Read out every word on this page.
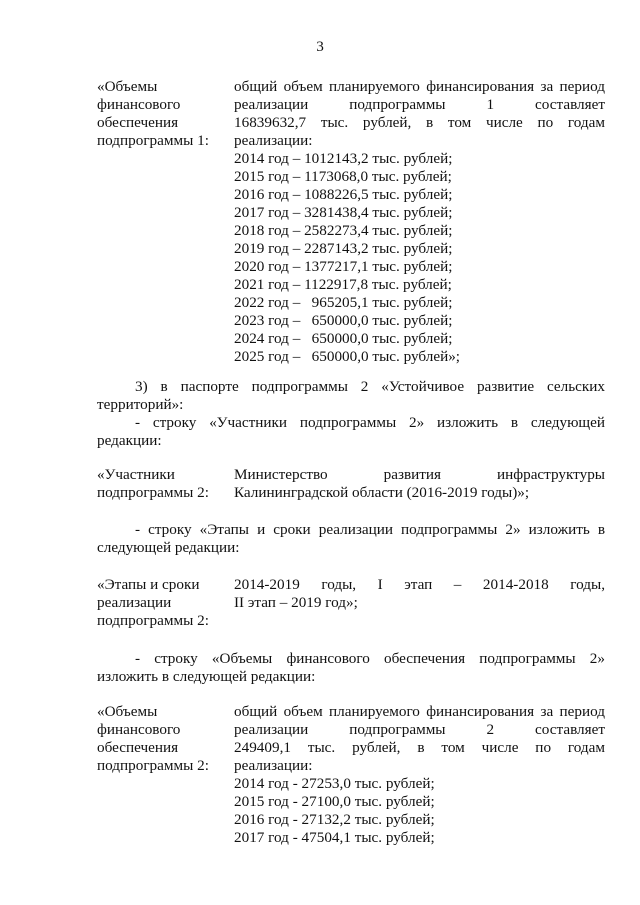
3
«Объемы
финансового
обеспечения
подпрограммы 1:
общий объем планируемого финансирования за период
реализации подпрограммы 1 составляет
16839632,7 тыс. рублей, в том числе по годам
реализации:
2014 год – 1012143,2 тыс. рублей;
2015 год – 1173068,0 тыс. рублей;
2016 год – 1088226,5 тыс. рублей;
2017 год – 3281438,4 тыс. рублей;
2018 год – 2582273,4 тыс. рублей;
2019 год – 2287143,2 тыс. рублей;
2020 год – 1377217,1 тыс. рублей;
2021 год – 1122917,8 тыс. рублей;
2022 год –   965205,1 тыс. рублей;
2023 год –   650000,0 тыс. рублей;
2024 год –   650000,0 тыс. рублей;
2025 год –   650000,0 тыс. рублей»;
3) в паспорте подпрограммы 2 «Устойчивое развитие сельских
территорий»:
- строку «Участники подпрограммы 2» изложить в следующей
редакции:
«Участники
подпрограммы 2:
Министерство развития инфраструктуры
Калининградской области (2016-2019 годы)»;
- строку «Этапы и сроки реализации подпрограммы 2» изложить в
следующей редакции:
«Этапы и сроки
реализации
подпрограммы 2:
2014-2019 годы, I этап – 2014-2018 годы,
II этап – 2019 год»;
- строку «Объемы финансового обеспечения подпрограммы 2»
изложить в следующей редакции:
«Объемы
финансового
обеспечения
подпрограммы 2:
общий объем планируемого финансирования за период
реализации подпрограммы 2 составляет
249409,1 тыс. рублей, в том числе по годам
реализации:
2014 год - 27253,0 тыс. рублей;
2015 год - 27100,0 тыс. рублей;
2016 год - 27132,2 тыс. рублей;
2017 год - 47504,1 тыс. рублей;
